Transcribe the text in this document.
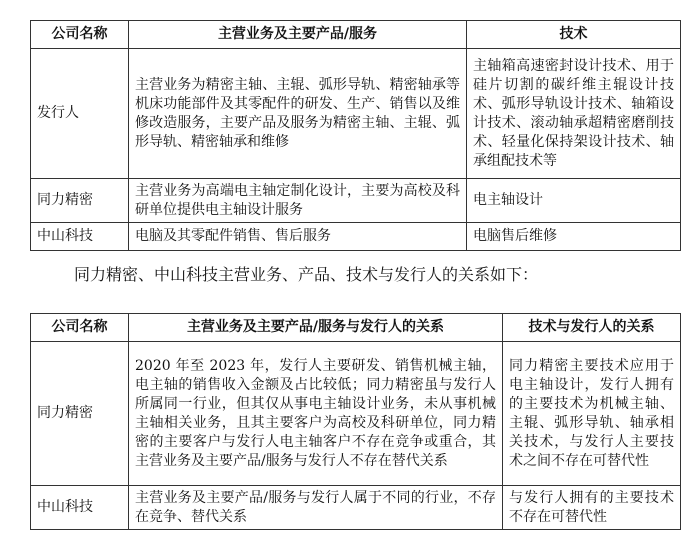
公司名称	主营业务及主要产品/服务	技术
发行人	主营业务为精密主轴、主辊、弧形导轨、精密轴承等机床功能部件及其零配件的研发、生产、销售以及维修改造服务，主要产品及服务为精密主轴、主辊、弧形导轨、精密轴承和维修	主轴箱高速密封设计技术、用于硅片切割的碳纤维主辊设计技术、弧形导轨设计技术、轴箱设计技术、滚动轴承超精密磨削技术、轻量化保持架设计技术、轴承组配技术等
同力精密	主营业务为高端电主轴定制化设计，主要为高校及科研单位提供电主轴设计服务	电主轴设计
中山科技	电脑及其零配件销售、售后服务	电脑售后维修
同力精密、中山科技主营业务、产品、技术与发行人的关系如下：
公司名称	主营业务及主要产品/服务与发行人的关系	技术与发行人的关系
同力精密	2020 年至 2023 年，发行人主要研发、销售机械主轴，电主轴的销售收入金额及占比较低；同力精密虽与发行人所属同一行业，但其仅从事电主轴设计业务，未从事机械主轴相关业务，且其主要客户为高校及科研单位，同力精密的主要客户与发行人电主轴客户不存在竞争或重合，其主营业务及主要产品/服务与发行人不存在替代关系	同力精密主要技术应用于电主轴设计，发行人拥有的主要技术为机械主轴、主辊、弧形导轨、轴承相关技术，与发行人主要技术之间不存在可替代性
中山科技	主营业务及主要产品/服务与发行人属于不同的行业，不存在竞争、替代关系	与发行人拥有的主要技术不存在可替代性
